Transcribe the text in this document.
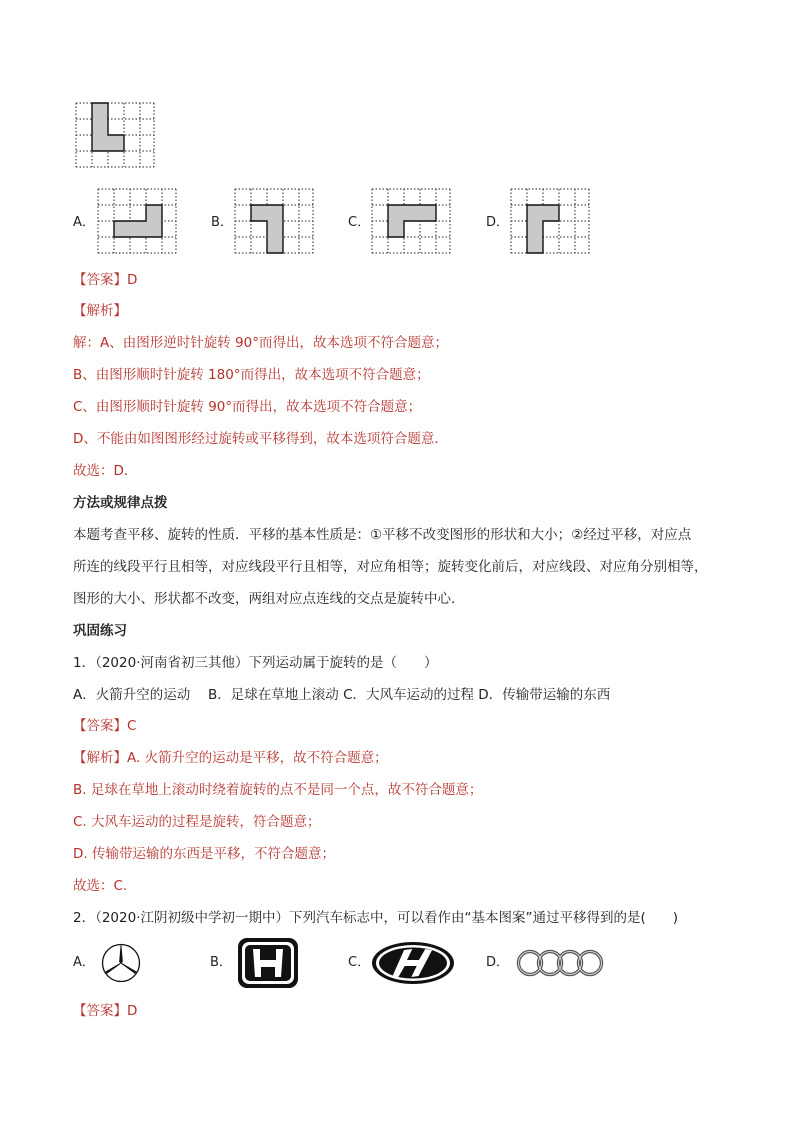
A．	B．	C．	D．
【答案】D
【解析】
解：A、由图形逆时针旋转 90°而得出，故本选项不符合题意；
B、由图形顺时针旋转 180°而得出，故本选项不符合题意；
C、由图形顺时针旋转 90°而得出，故本选项不符合题意；
D、不能由如图图形经过旋转或平移得到，故本选项符合题意．
故选：D．
方法或规律点拨
本题考查平移、旋转的性质．平移的基本性质是：①平移不改变图形的形状和大小；②经过平移，对应点
所连的线段平行且相等，对应线段平行且相等，对应角相等；旋转变化前后，对应线段、对应角分别相等，
图形的大小、形状都不改变，两组对应点连线的交点是旋转中心．
巩固练习
1．（2020·河南省初三其他）下列运动属于旋转的是（　　）
A．火箭升空的运动　 B．足球在草地上滚动 C．大风车运动的过程 D．传输带运输的东西
【答案】C
【解析】A. 火箭升空的运动是平移，故不符合题意；
B. 足球在草地上滚动时绕着旋转的点不是同一个点，故不符合题意；
C. 大风车运动的过程是旋转，符合题意；
D. 传输带运输的东西是平移，不符合题意；
故选：C.
2．（2020·江阴初级中学初一期中）下列汽车标志中，可以看作由“基本图案”通过平移得到的是(　　)
A．	B．	C．	D．
【答案】D
